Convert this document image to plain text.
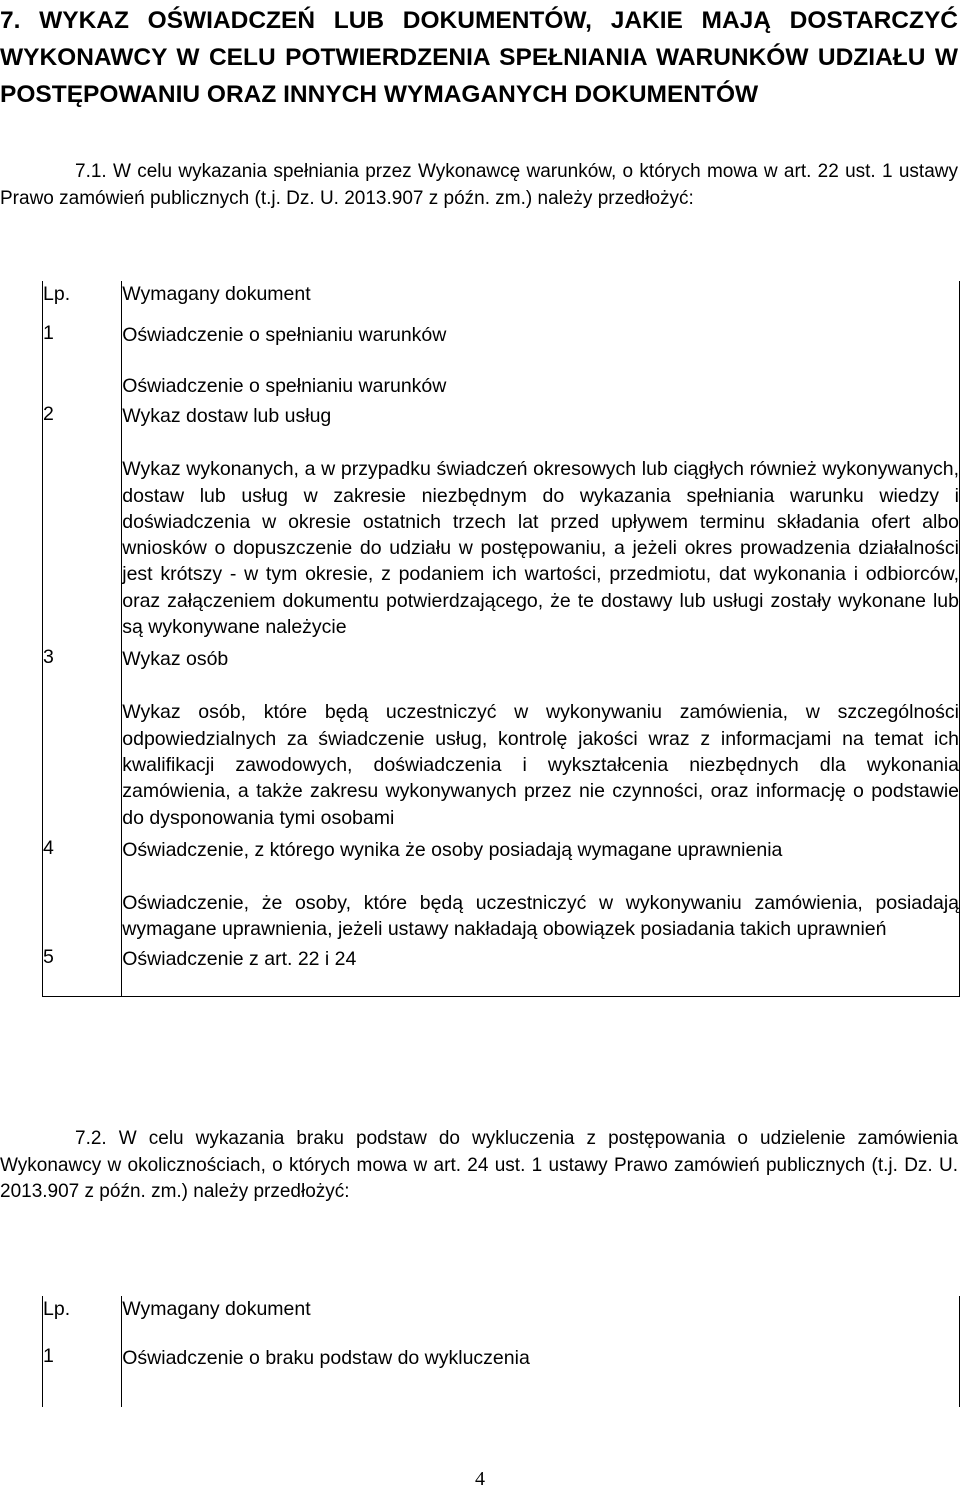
7. WYKAZ OŚWIADCZEŃ LUB DOKUMENTÓW, JAKIE MAJĄ DOSTARCZYĆ WYKONAWCY W CELU POTWIERDZENIA SPEŁNIANIA WARUNKÓW UDZIAŁU W POSTĘPOWANIU ORAZ INNYCH WYMAGANYCH DOKUMENTÓW
7.1. W celu wykazania spełniania przez Wykonawcę warunków, o których mowa w art. 22 ust. 1 ustawy Prawo zamówień publicznych (t.j. Dz. U. 2013.907 z późn. zm.) należy przedłożyć:
Lp.	Wymagany dokument
1	Oświadczenie o spełnianiu warunków
Oświadczenie o spełnianiu warunków

2	Wykaz dostaw lub usług
Wykaz wykonanych, a w przypadku świadczeń okresowych lub ciągłych również wykonywanych, dostaw lub usług w zakresie niezbędnym do wykazania spełniania warunku wiedzy i doświadczenia w okresie ostatnich trzech lat przed upływem terminu składania ofert albo wniosków o dopuszczenie do udziału w postępowaniu, a jeżeli okres prowadzenia działalności jest krótszy - w tym okresie, z podaniem ich wartości, przedmiotu, dat wykonania i odbiorców, oraz załączeniem dokumentu potwierdzającego, że te dostawy lub usługi zostały wykonane lub są wykonywane należycie

3	Wykaz osób
Wykaz osób, które będą uczestniczyć w wykonywaniu zamówienia, w szczególności odpowiedzialnych za świadczenie usług, kontrolę jakości wraz z informacjami na temat ich kwalifikacji zawodowych, doświadczenia i wykształcenia niezbędnych dla wykonania zamówienia, a także zakresu wykonywanych przez nie czynności, oraz informację o podstawie do dysponowania tymi osobami

4	Oświadczenie, z którego wynika że osoby posiadają wymagane uprawnienia
Oświadczenie, że osoby, które będą uczestniczyć w wykonywaniu zamówienia, posiadają wymagane uprawnienia, jeżeli ustawy nakładają obowiązek posiadania takich uprawnień

5	Oświadczenie z art. 22 i 24
7.2. W celu wykazania braku podstaw do wykluczenia z postępowania o udzielenie zamówienia Wykonawcy w okolicznościach, o których mowa w art. 24 ust. 1 ustawy Prawo zamówień publicznych (t.j. Dz. U. 2013.907 z późn. zm.) należy przedłożyć:
Lp.	Wymagany dokument
1	Oświadczenie o braku podstaw do wykluczenia
4
